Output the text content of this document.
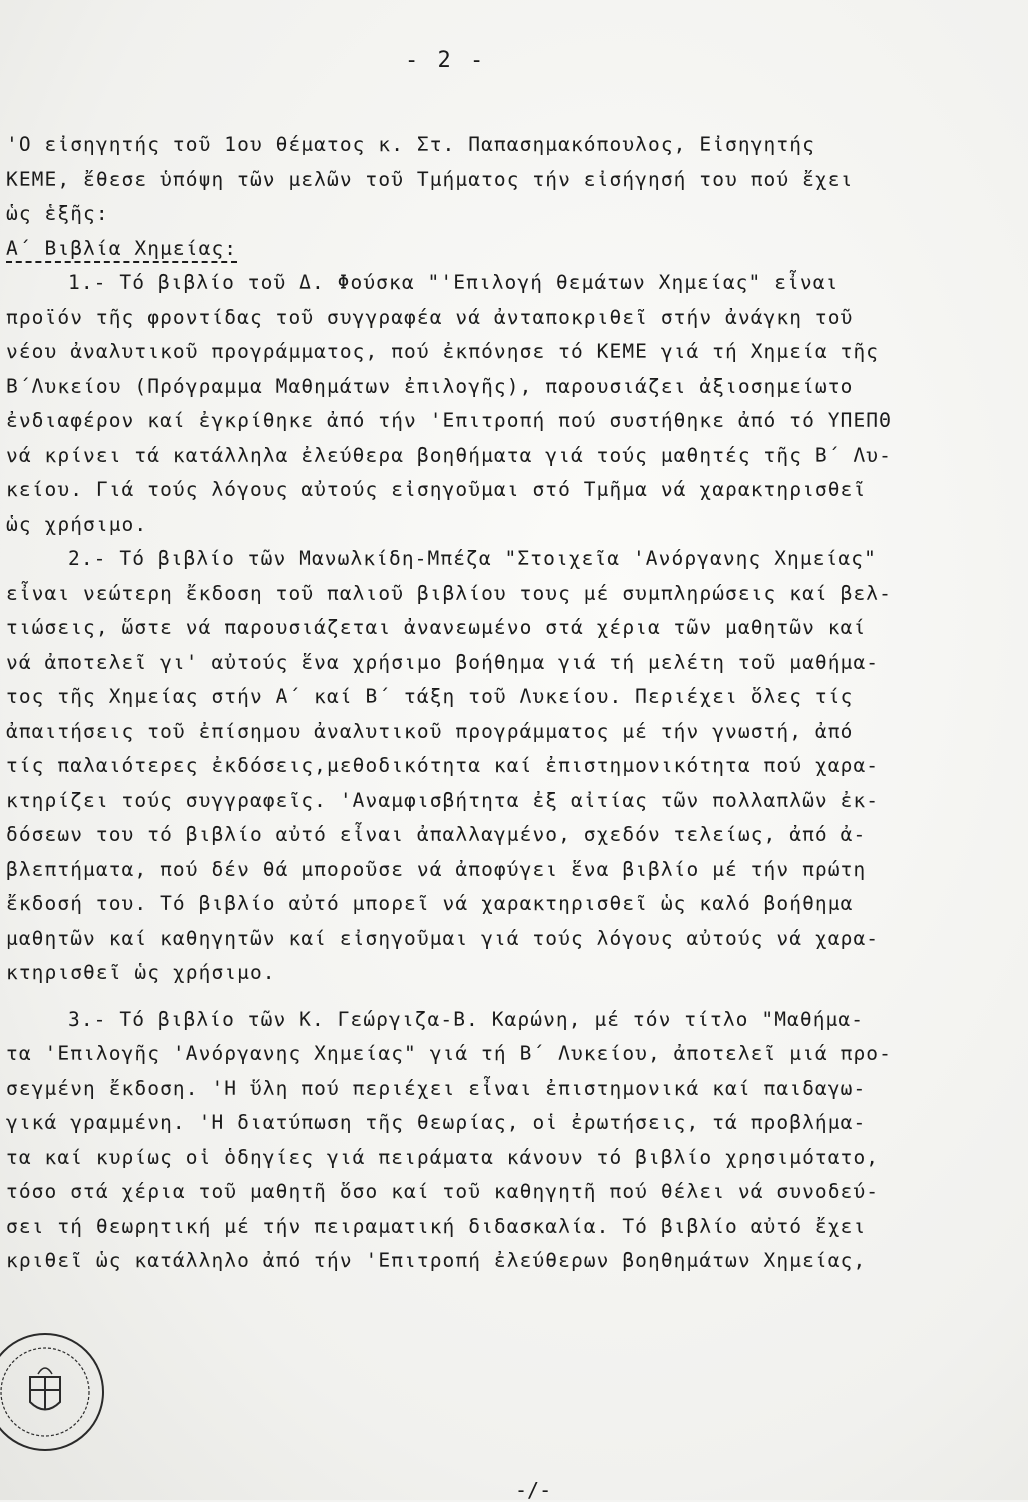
- 2 -
'Ο εἰσηγητής τοῦ 1ου θέματος κ. Στ. Παπασημακόπουλος, Εἰσηγητής
ΚΕΜΕ, ἔθεσε ὑπόψη τῶν μελῶν τοῦ Τμήματος τήν εἰσήγησή του πού ἔχει
ὡς ἑξῆς:
Α΄ Βιβλία Χημείας:
1.- Τό βιβλίο τοῦ Δ. Φούσκα "'Επιλογή θεμάτων Χημείας" εἶναι
προϊόν τῆς φροντίδας τοῦ συγγραφέα νά ἀνταποκριθεῖ στήν ἀνάγκη τοῦ
νέου ἀναλυτικοῦ προγράμματος, πού ἐκπόνησε τό ΚΕΜΕ γιά τή Χημεία τῆς
Β΄Λυκείου (Πρόγραμμα Μαθημάτων ἐπιλογῆς), παρουσιάζει ἀξιοσημείωτο
ἐνδιαφέρον καί ἐγκρίθηκε ἀπό τήν 'Επιτροπή πού συστήθηκε ἀπό τό ΥΠΕΠΘ
νά κρίνει τά κατάλληλα ἐλεύθερα βοηθήματα γιά τούς μαθητές τῆς Β΄ Λυ-
κείου. Γιά τούς λόγους αὐτούς εἰσηγοῦμαι στό Τμῆμα νά χαρακτηρισθεῖ
ὡς χρήσιμο.
2.- Τό βιβλίο τῶν Μανωλκίδη-Μπέζα "Στοιχεῖα 'Ανόργανης Χημείας"
εἶναι νεώτερη ἔκδοση τοῦ παλιοῦ βιβλίου τους μέ συμπληρώσεις καί βελ-
τιώσεις, ὥστε νά παρουσιάζεται ἀνανεωμένο στά χέρια τῶν μαθητῶν καί
νά ἀποτελεῖ γι' αὐτούς ἕνα χρήσιμο βοήθημα γιά τή μελέτη τοῦ μαθήμα-
τος τῆς Χημείας στήν Α΄ καί Β΄ τάξη τοῦ Λυκείου. Περιέχει ὅλες τίς
ἀπαιτήσεις τοῦ ἐπίσημου ἀναλυτικοῦ προγράμματος μέ τήν γνωστή, ἀπό
τίς παλαιότερες ἐκδόσεις,μεθοδικότητα καί ἐπιστημονικότητα πού χαρα-
κτηρίζει τούς συγγραφεῖς. 'Αναμφισβήτητα ἐξ αἰτίας τῶν πολλαπλῶν ἐκ-
δόσεων του τό βιβλίο αὐτό εἶναι ἀπαλλαγμένο, σχεδόν τελείως, ἀπό ἀ-
βλεπτήματα, πού δέν θά μποροῦσε νά ἀποφύγει ἕνα βιβλίο μέ τήν πρώτη
ἔκδοσή του. Τό βιβλίο αὐτό μπορεῖ νά χαρακτηρισθεῖ ὡς καλό βοήθημα
μαθητῶν καί καθηγητῶν καί εἰσηγοῦμαι γιά τούς λόγους αὐτούς νά χαρα-
κτηρισθεῖ ὡς χρήσιμο.
3.- Τό βιβλίο τῶν Κ. Γεώργιζα-Β. Καρώνη, μέ τόν τίτλο "Μαθήμα-
τα 'Επιλογῆς 'Ανόργανης Χημείας" γιά τή Β΄ Λυκείου, ἀποτελεῖ μιά προ-
σεγμένη ἔκδοση. 'Η ὕλη πού περιέχει εἶναι ἐπιστημονικά καί παιδαγω-
γικά γραμμένη. 'Η διατύπωση τῆς θεωρίας, οἱ ἐρωτήσεις, τά προβλήμα-
τα καί κυρίως οἱ ὁδηγίες γιά πειράματα κάνουν τό βιβλίο χρησιμότατο,
τόσο στά χέρια τοῦ μαθητῆ ὅσο καί τοῦ καθηγητῆ πού θέλει νά συνοδεύ-
σει τή θεωρητική μέ τήν πειραματική διδασκαλία. Τό βιβλίο αὐτό ἔχει
κριθεῖ ὡς κατάλληλο ἀπό τήν 'Επιτροπή ἐλεύθερων βοηθημάτων Χημείας,
-/-
